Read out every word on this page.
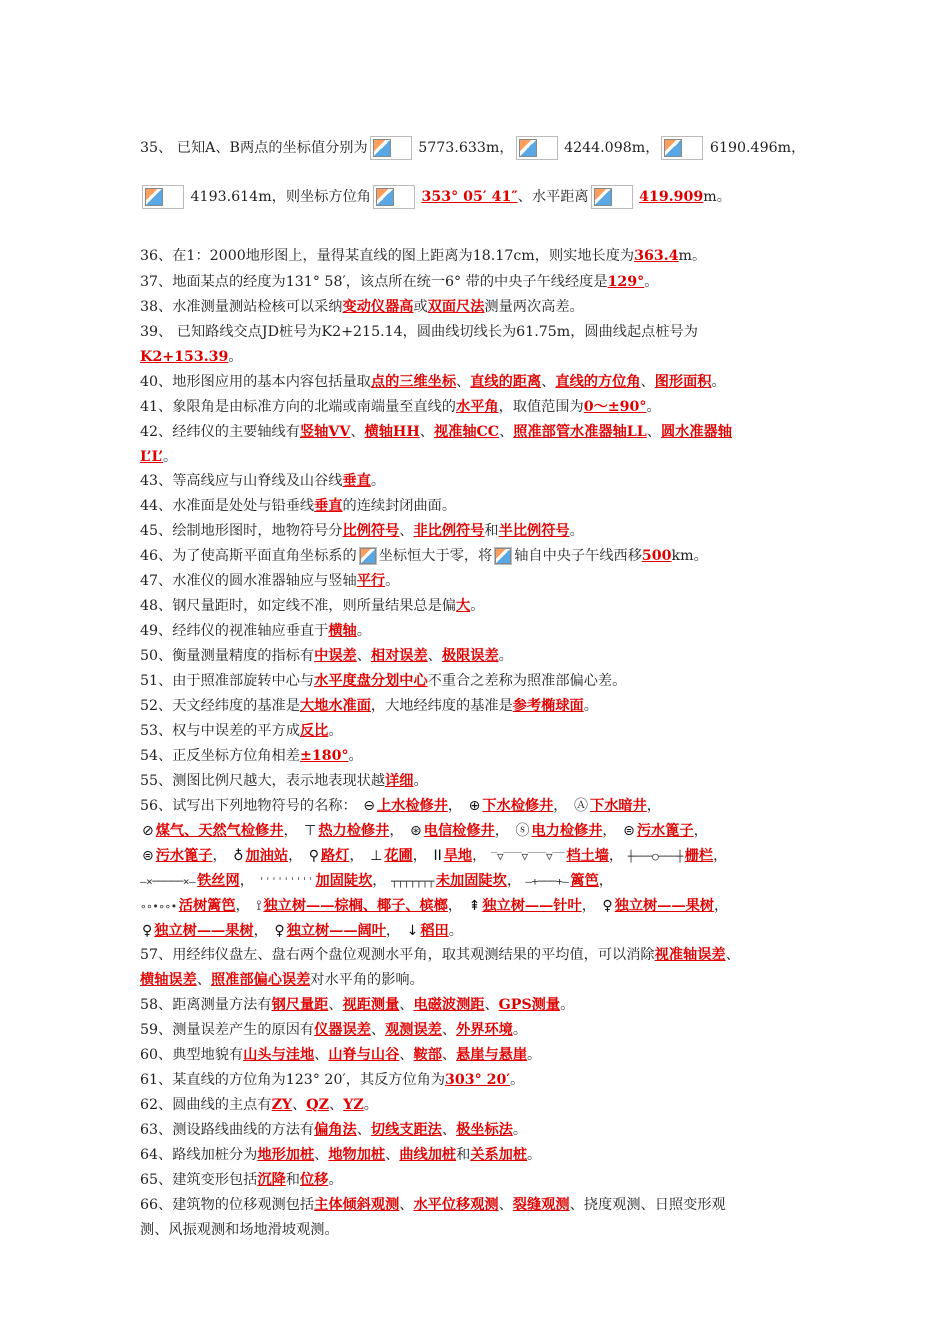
35、 已知A、B两点的坐标值分别为	5773.633m，	4244.098m，	6190.496m，
4193.614m，则坐标方位角	353° 05′ 41″、水平距离	419.909m。
36、在1：2000地形图上，量得某直线的图上距离为18.17cm，则实地长度为363.4m。
37、地面某点的经度为131° 58′，该点所在统一6° 带的中央子午线经度是129°。
38、水准测量测站检核可以采纳变动仪器高或双面尺法测量两次高差。
39、 已知路线交点JD桩号为K2+215.14，圆曲线切线长为61.75m，圆曲线起点桩号为
K2+153.39。
40、地形图应用的基本内容包括量取点的三维坐标、直线的距离、直线的方位角、图形面积。
41、象限角是由标准方向的北端或南端量至直线的水平角，取值范围为0～±90°。
42、经纬仪的主要轴线有竖轴VV、横轴HH、视准轴CC、照准部管水准器轴LL、圆水准器轴
L’L’。
43、等高线应与山脊线及山谷线垂直。
44、水准面是处处与铅垂线垂直的连续封闭曲面。
45、绘制地形图时，地物符号分比例符号、非比例符号和半比例符号。
46、为了使高斯平面直角坐标系的 坐标恒大于零，将 轴自中央子午线西移500km。
47、水准仪的圆水准器轴应与竖轴平行。
48、钢尺量距时，如定线不准，则所量结果总是偏大。
49、经纬仪的视准轴应垂直于横轴。
50、衡量测量精度的指标有中误差、相对误差、极限误差。
51、由于照准部旋转中心与水平度盘分划中心不重合之差称为照准部偏心差。
52、天文经纬度的基准是大地水准面，大地经纬度的基准是参考椭球面。
53、权与中误差的平方成反比。
54、正反坐标方位角相差±180°。
55、测图比例尺越大，表示地表现状越详细。
56、试写出下列地物符号的名称： ⊖ 上水检修井， ⊕ 下水检修井， Ⓐ 下水暗井，
⊘ 煤气、天然气检修井， ⊤ 热力检修井， ⊛ 电信检修井， ⓢ 电力检修井， ⊜ 污水篦子，
⊜ 污水篦子， ♁ 加油站， ⚲ 路灯， ⊥ 花圃， ⅠⅠ 旱地， ‾▽‾‾‾▽‾‾‾▽‾‾ 档土墙， ┼───○───┼ 栅栏，
–×─────×– 铁丝网， ˈˈˈˈˈˈˈˈˈ 加固陡坎， ┬┬┬┬┬┬┬ 未加固陡坎， –+───+– 篱笆，
∘∘•∘∘• 活树篱笆， ⟟ 独立树——棕榈、椰子、槟榔， ⇞ 独立树——针叶， ♀ 独立树——果树，
♀ 独立树——果树， ♀ 独立树——阔叶， ↓ 稻田。
57、用经纬仪盘左、盘右两个盘位观测水平角，取其观测结果的平均值，可以消除视准轴误差、
横轴误差、照准部偏心误差对水平角的影响。
58、距离测量方法有钢尺量距、视距测量、电磁波测距、GPS测量。
59、测量误差产生的原因有仪器误差、观测误差、外界环境。
60、典型地貌有山头与洼地、山脊与山谷、鞍部、悬崖与悬崖。
61、某直线的方位角为123° 20′，其反方位角为303° 20′。
62、圆曲线的主点有ZY、QZ、YZ。
63、测设路线曲线的方法有偏角法、切线支距法、极坐标法。
64、路线加桩分为地形加桩、地物加桩、曲线加桩和关系加桩。
65、建筑变形包括沉降和位移。
66、建筑物的位移观测包括主体倾斜观测、水平位移观测、裂缝观测、挠度观测、日照变形观
测、风振观测和场地滑坡观测。
